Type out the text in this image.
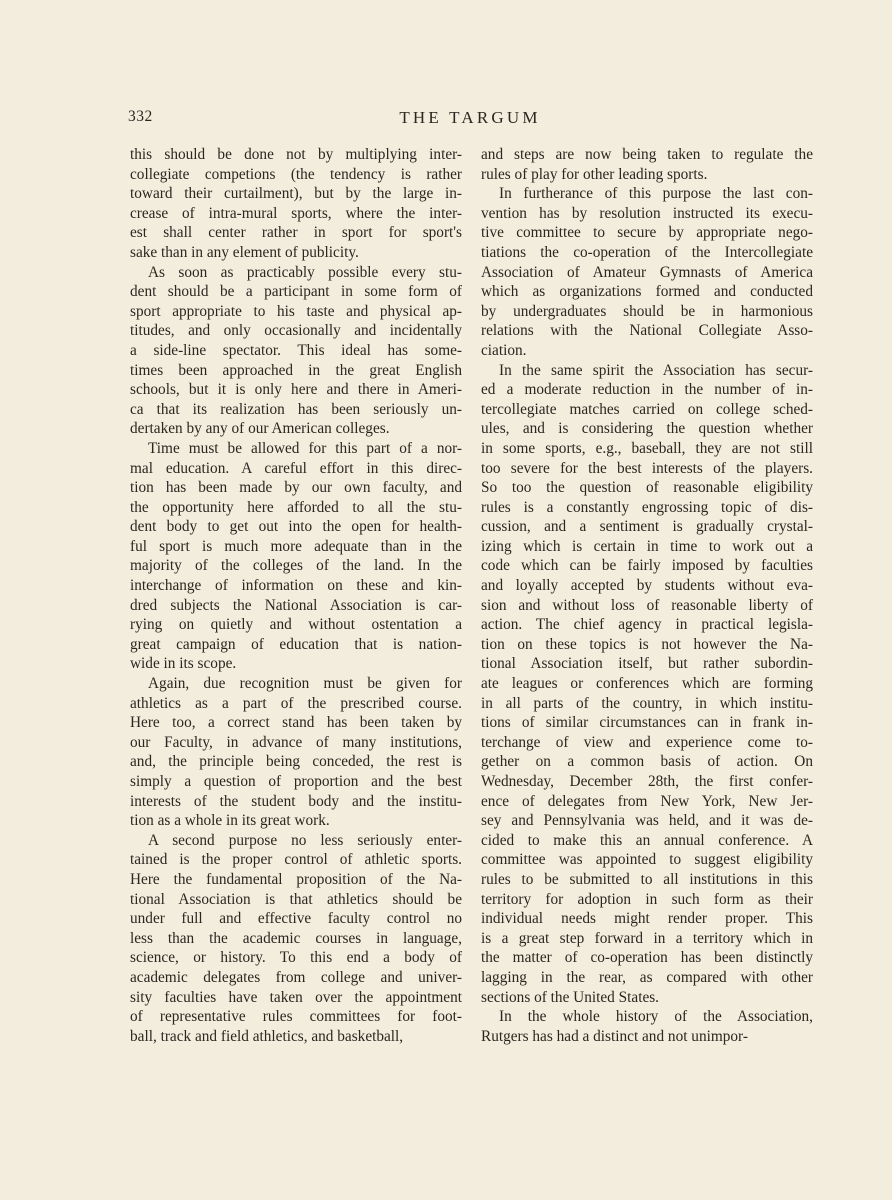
332	THE TARGUM
this should be done not by multiplying inter-
collegiate competions (the tendency is rather
toward their curtailment), but by the large in-
crease of intra-mural sports, where the inter-
est shall center rather in sport for sport's
sake than in any element of publicity.
As soon as practicably possible every stu-
dent should be a participant in some form of
sport appropriate to his taste and physical ap-
titudes, and only occasionally and incidentally
a side-line spectator. This ideal has some-
times been approached in the great English
schools, but it is only here and there in Ameri-
ca that its realization has been seriously un-
dertaken by any of our American colleges.
Time must be allowed for this part of a nor-
mal education. A careful effort in this direc-
tion has been made by our own faculty, and
the opportunity here afforded to all the stu-
dent body to get out into the open for health-
ful sport is much more adequate than in the
majority of the colleges of the land. In the
interchange of information on these and kin-
dred subjects the National Association is car-
rying on quietly and without ostentation a
great campaign of education that is nation-
wide in its scope.
Again, due recognition must be given for
athletics as a part of the prescribed course.
Here too, a correct stand has been taken by
our Faculty, in advance of many institutions,
and, the principle being conceded, the rest is
simply a question of proportion and the best
interests of the student body and the institu-
tion as a whole in its great work.
A second purpose no less seriously enter-
tained is the proper control of athletic sports.
Here the fundamental proposition of the Na-
tional Association is that athletics should be
under full and effective faculty control no
less than the academic courses in language,
science, or history. To this end a body of
academic delegates from college and univer-
sity faculties have taken over the appointment
of representative rules committees for foot-
ball, track and field athletics, and basketball,
and steps are now being taken to regulate the
rules of play for other leading sports.
In furtherance of this purpose the last con-
vention has by resolution instructed its execu-
tive committee to secure by appropriate nego-
tiations the co-operation of the Intercollegiate
Association of Amateur Gymnasts of America
which as organizations formed and conducted
by undergraduates should be in harmonious
relations with the National Collegiate Asso-
ciation.
In the same spirit the Association has secur-
ed a moderate reduction in the number of in-
tercollegiate matches carried on college sched-
ules, and is considering the question whether
in some sports, e.g., baseball, they are not still
too severe for the best interests of the players.
So too the question of reasonable eligibility
rules is a constantly engrossing topic of dis-
cussion, and a sentiment is gradually crystal-
izing which is certain in time to work out a
code which can be fairly imposed by faculties
and loyally accepted by students without eva-
sion and without loss of reasonable liberty of
action. The chief agency in practical legisla-
tion on these topics is not however the Na-
tional Association itself, but rather subordin-
ate leagues or conferences which are forming
in all parts of the country, in which institu-
tions of similar circumstances can in frank in-
terchange of view and experience come to-
gether on a common basis of action. On
Wednesday, December 28th, the first confer-
ence of delegates from New York, New Jer-
sey and Pennsylvania was held, and it was de-
cided to make this an annual conference. A
committee was appointed to suggest eligibility
rules to be submitted to all institutions in this
territory for adoption in such form as their
individual needs might render proper. This
is a great step forward in a territory which in
the matter of co-operation has been distinctly
lagging in the rear, as compared with other
sections of the United States.
In the whole history of the Association,
Rutgers has had a distinct and not unimpor-
